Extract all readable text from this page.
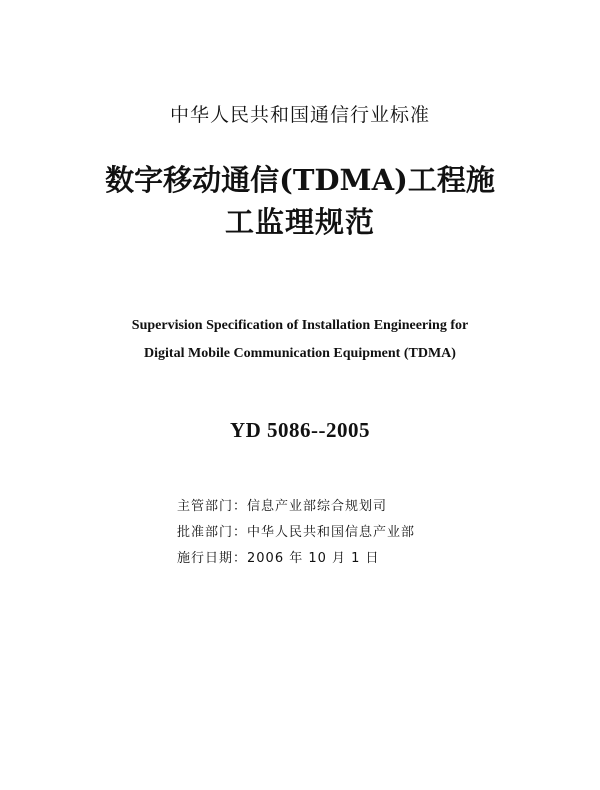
中华人民共和国通信行业标准
数字移动通信(TDMA)工程施
工监理规范
Supervision Specification of Installation Engineering for
Digital Mobile Communication Equipment (TDMA)
YD 5086--2005
主管部门：信息产业部综合规划司
批准部门：中华人民共和国信息产业部
施行日期：2006 年 10 月 1 日
